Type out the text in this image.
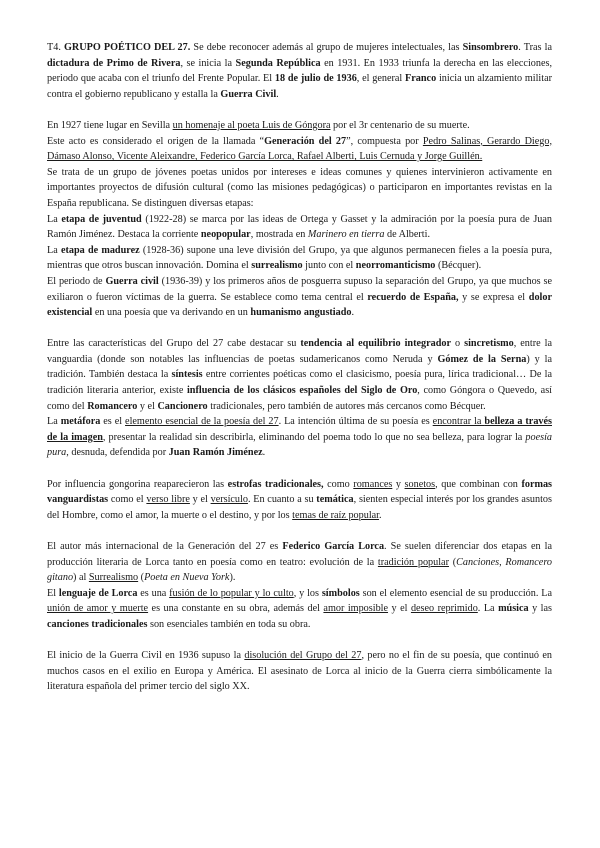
T4. GRUPO POÉTICO DEL 27. Se debe reconocer además al grupo de mujeres intelectuales, las Sinsombrero. Tras la dictadura de Primo de Rivera, se inicia la Segunda República en 1931. En 1933 triunfa la derecha en las elecciones, periodo que acaba con el triunfo del Frente Popular. El 18 de julio de 1936, el general Franco inicia un alzamiento militar contra el gobierno republicano y estalla la Guerra Civil.

En 1927 tiene lugar en Sevilla un homenaje al poeta Luis de Góngora por el 3r centenario de su muerte.

Este acto es considerado el origen de la llamada “Generación del 27”, compuesta por Pedro Salinas, Gerardo Diego, Dámaso Alonso, Vicente Aleixandre, Federico García Lorca, Rafael Alberti, Luis Cernuda y Jorge Guillén.

Se trata de un grupo de jóvenes poetas unidos por intereses e ideas comunes y quienes intervinieron activamente en importantes proyectos de difusión cultural (como las misiones pedagógicas) o participaron en importantes revistas en la España republicana. Se distinguen diversas etapas:

La etapa de juventud (1922-28) se marca por las ideas de Ortega y Gasset y la admiración por la poesía pura de Juan Ramón Jiménez. Destaca la corriente neopopular, mostrada en Marinero en tierra de Alberti.

La etapa de madurez (1928-36) supone una leve división del Grupo, ya que algunos permanecen fieles a la poesía pura, mientras que otros buscan innovación. Domina el surrealismo junto con el neorromanticismo (Bécquer).

El periodo de Guerra civil (1936-39) y los primeros años de posguerra supuso la separación del Grupo, ya que muchos se exiliaron o fueron víctimas de la guerra. Se establece como tema central el recuerdo de España, y se expresa el dolor existencial en una poesía que va derivando en un humanismo angustiado.

Entre las características del Grupo del 27 cabe destacar su tendencia al equilibrio integrador o sincretismo, entre la vanguardia (donde son notables las influencias de poetas sudamericanos como Neruda y Gómez de la Serna) y la tradición. También destaca la síntesis entre corrientes poéticas como el clasicismo, poesía pura, lírica tradicional… De la tradición literaria anterior, existe influencia de los clásicos españoles del Siglo de Oro, como Góngora o Quevedo, así como del Romancero y el Cancionero tradicionales, pero también de autores más cercanos como Bécquer.

La metáfora es el elemento esencial de la poesía del 27. La intención última de su poesía es encontrar la belleza a través de la imagen, presentar la realidad sin describirla, eliminando del poema todo lo que no sea belleza, para lograr la poesía pura, desnuda, defendida por Juan Ramón Jiménez.

Por influencia gongorina reaparecieron las estrofas tradicionales, como romances y sonetos, que combinan con formas vanguardistas como el verso libre y el versículo. En cuanto a su temática, sienten especial interés por los grandes asuntos del Hombre, como el amor, la muerte o el destino, y por los temas de raíz popular.

El autor más internacional de la Generación del 27 es Federico García Lorca. Se suelen diferenciar dos etapas en la producción literaria de Lorca tanto en poesía como en teatro: evolución de la tradición popular (Canciones, Romancero gitano) al Surrealismo (Poeta en Nueva York).

El lenguaje de Lorca es una fusión de lo popular y lo culto, y los símbolos son el elemento esencial de su producción. La unión de amor y muerte es una constante en su obra, además del amor imposible y el deseo reprimido. La música y las canciones tradicionales son esenciales también en toda su obra.

El inicio de la Guerra Civil en 1936 supuso la disolución del Grupo del 27, pero no el fin de su poesía, que continuó en muchos casos en el exilio en Europa y América. El asesinato de Lorca al inicio de la Guerra cierra simbólicamente la literatura española del primer tercio del siglo XX.
